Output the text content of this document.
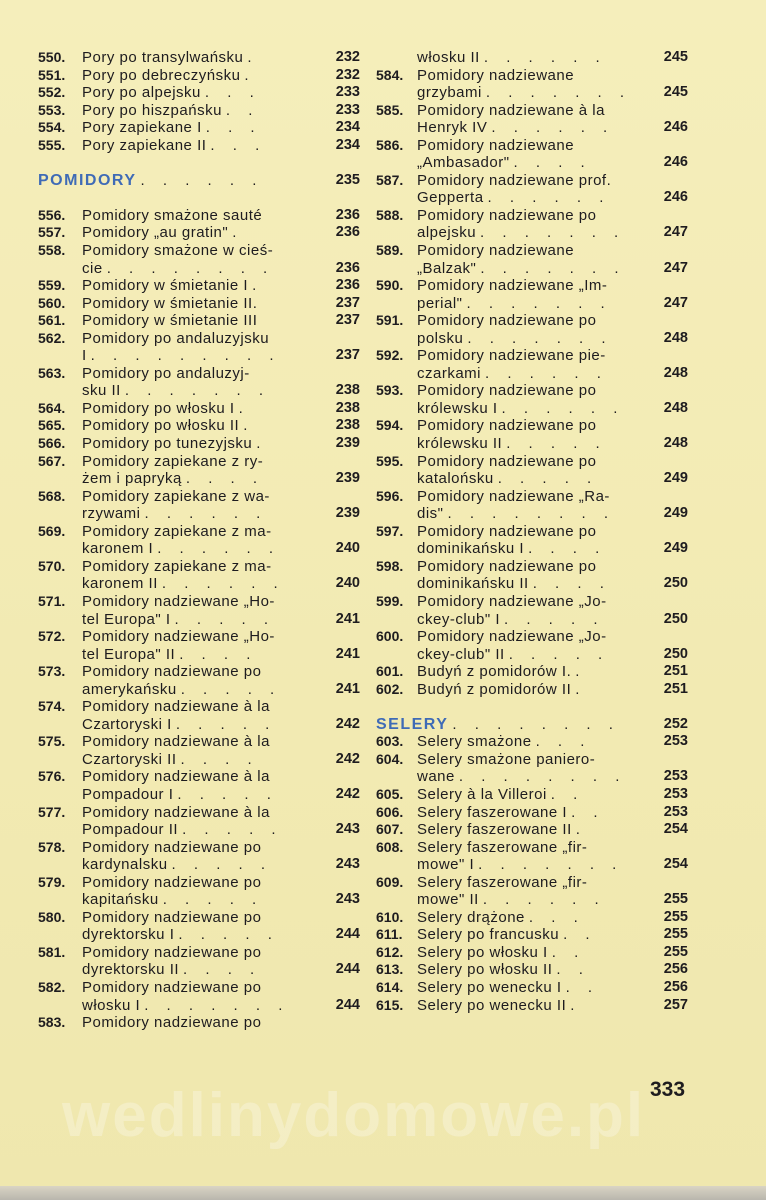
wedlinydomowe.pl
550. Pory po transylwańsku .	232
551. Pory po debreczyńsku .	232
552. Pory po alpejsku . . .	233
553. Pory po hiszpańsku . .	233
554. Pory zapiekane I . . .	234
555. Pory zapiekane II . . .	234
POMIDORY . . . . . .	235
556. Pomidory smażone sauté	236
557. Pomidory „au gratin" .	236
558. Pomidory smażone w cieś-
cie . . . . . . . .	236
559. Pomidory w śmietanie I .	236
560. Pomidory w śmietanie II.	237
561. Pomidory w śmietanie III	237
562. Pomidory po andaluzyjsku
I . . . . . . . . .	237
563. Pomidory po andaluzyj-
sku II . . . . . . .	238
564. Pomidory po włosku I .	238
565. Pomidory po włosku II .	238
566. Pomidory po tunezyjsku .	239
567. Pomidory zapiekane z ry-
żem i papryką . . . .	239
568. Pomidory zapiekane z wa-
rzywami . . . . . .	239
569. Pomidory zapiekane z ma-
karonem I . . . . . .	240
570. Pomidory zapiekane z ma-
karonem II . . . . . .	240
571. Pomidory nadziewane „Ho-
tel Europa" I . . . . .	241
572. Pomidory nadziewane „Ho-
tel Europa" II . . . .	241
573. Pomidory nadziewane po
amerykańsku . . . . .	241
574. Pomidory nadziewane à la
Czartoryski I . . . . .	242
575. Pomidory nadziewane à la
Czartoryski II . . . .	242
576. Pomidory nadziewane à la
Pompadour I . . . . .	242
577. Pomidory nadziewane à la
Pompadour II . . . . .	243
578. Pomidory nadziewane po
kardynalsku . . . . .	243
579. Pomidory nadziewane po
kapitańsku . . . . .	243
580. Pomidory nadziewane po
dyrektorsku I . . . . .	244
581. Pomidory nadziewane po
dyrektorsku II . . . .	244
582. Pomidory nadziewane po
włosku I . . . . . . .	244
583. Pomidory nadziewane po
włosku II . . . . . .	245
584. Pomidory nadziewane
grzybami . . . . . . . 245
585. Pomidory nadziewane à la
Henryk IV . . . . . .	246
586. Pomidory nadziewane
„Ambasador" . . . .	246
587. Pomidory nadziewane prof.
Gepperta . . . . . .	246
588. Pomidory nadziewane po
alpejsku . . . . . . .	247
589. Pomidory nadziewane
„Balzak" . . . . . . .	247
590. Pomidory nadziewane „Im-
perial" . . . . . . .	247
591. Pomidory nadziewane po
polsku . . . . . . .	248
592. Pomidory nadziewane pie-
czarkami . . . . . .	248
593. Pomidory nadziewane po
królewsku I . . . . . .	248
594. Pomidory nadziewane po
królewsku II . . . . .	248
595. Pomidory nadziewane po
katalońsku . . . . .	249
596. Pomidory nadziewane „Ra-
dis" . . . . . . . .	249
597. Pomidory nadziewane po
dominikańsku I . . . .	249
598. Pomidory nadziewane po
dominikańsku II . . . .	250
599. Pomidory nadziewane „Jo-
ckey-club" I . . . . .	250
600. Pomidory nadziewane „Jo-
ckey-club" II . . . . .	250
601. Budyń z pomidorów I. .	251
602. Budyń z pomidorów II .	251
SELERY . . . . . . . .	252
603. Selery smażone . . .	253
604. Selery smażone paniero-
wane . . . . . . . .	253
605. Selery à la Villeroi . .	253
606. Selery faszerowane I . .	253
607. Selery faszerowane II .	254
608. Selery faszerowane „fir-
mowe" I . . . . . . .	254
609. Selery faszerowane „fir-
mowe" II . . . . . .	255
610. Selery drążone . . .	255
611. Selery po francusku . .	255
612. Selery po włosku I . .	255
613. Selery po włosku II . .	256
614. Selery po wenecku I . .	256
615. Selery po wenecku II .	257
333
